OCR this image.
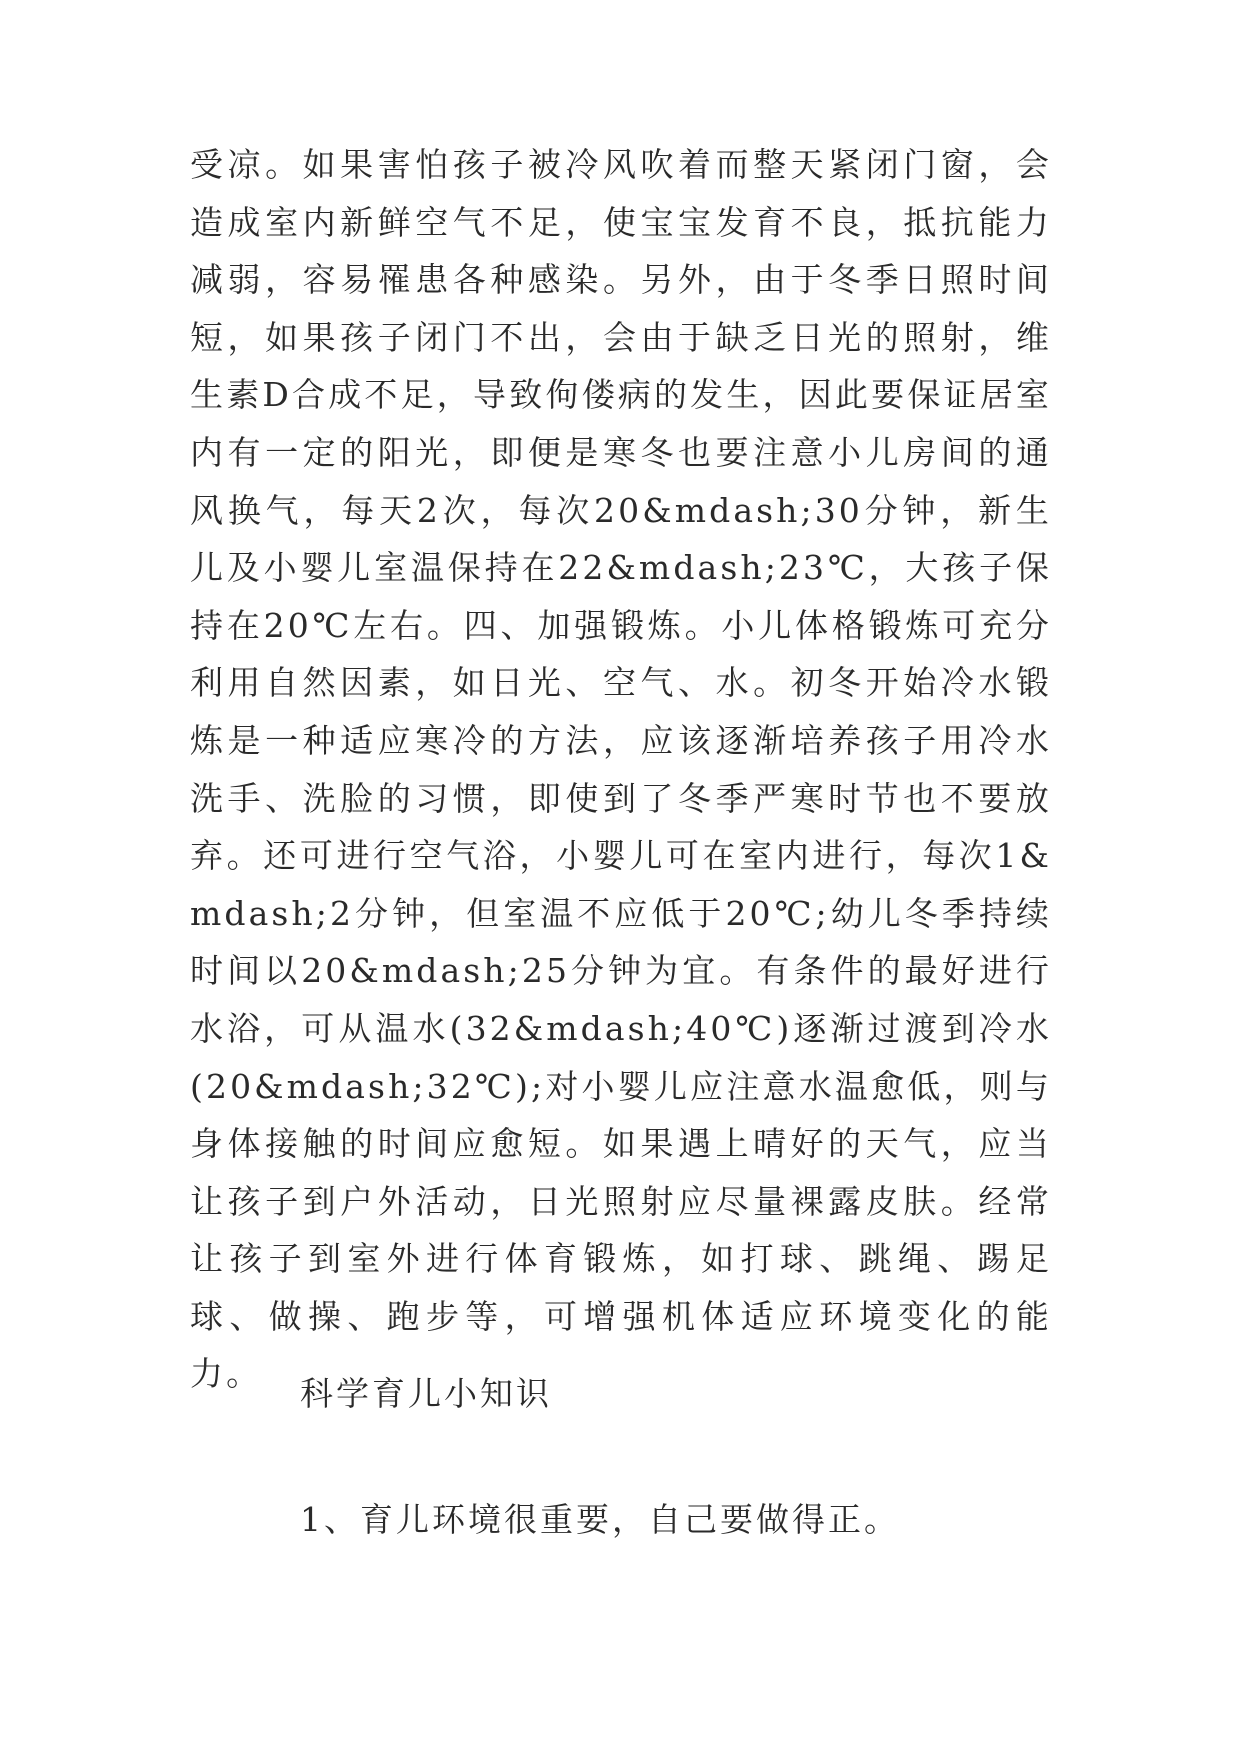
受凉。如果害怕孩子被冷风吹着而整天紧闭门窗，会造成室内新鲜空气不足，使宝宝发育不良，抵抗能力减弱，容易罹患各种感染。另外，由于冬季日照时间短，如果孩子闭门不出，会由于缺乏日光的照射，维生素D合成不足，导致佝偻病的发生，因此要保证居室内有一定的阳光，即便是寒冬也要注意小儿房间的通风换气，每天2次，每次20&mdash;30分钟，新生儿及小婴儿室温保持在22&mdash;23℃，大孩子保持在20℃左右。四、加强锻炼。小儿体格锻炼可充分利用自然因素，如日光、空气、水。初冬开始冷水锻炼是一种适应寒冷的方法，应该逐渐培养孩子用冷水洗手、洗脸的习惯，即使到了冬季严寒时节也不要放弃。还可进行空气浴，小婴儿可在室内进行，每次1&mdash;2分钟，但室温不应低于20℃;幼儿冬季持续时间以20&mdash;25分钟为宜。有条件的最好进行水浴，可从温水(32&mdash;40℃)逐渐过渡到冷水(20&mdash;32℃);对小婴儿应注意水温愈低，则与身体接触的时间应愈短。如果遇上晴好的天气，应当让孩子到户外活动，日光照射应尽量裸露皮肤。经常让孩子到室外进行体育锻炼，如打球、跳绳、踢足球、做操、跑步等，可增强机体适应环境变化的能力。

科学育儿小知识

1、育儿环境很重要，自己要做得正。
